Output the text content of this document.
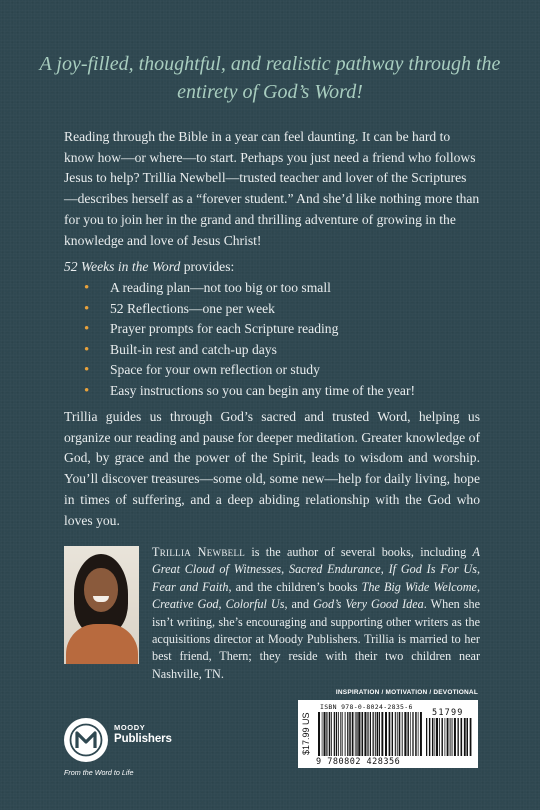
A joy-filled, thoughtful, and realistic pathway through the entirety of God’s Word!

Reading through the Bible in a year can feel daunting. It can be hard to know how—or where—to start. Perhaps you just need a friend who follows Jesus to help? Trillia Newbell—trusted teacher and lover of the Scriptures—describes herself as a “forever student.” And she’d like nothing more than for you to join her in the grand and thrilling adventure of growing in the knowledge and love of Jesus Christ!

52 Weeks in the Word provides:

• A reading plan—not too big or too small
• 52 Reflections—one per week
• Prayer prompts for each Scripture reading
• Built-in rest and catch-up days
• Space for your own reflection or study
• Easy instructions so you can begin any time of the year!

Trillia guides us through God’s sacred and trusted Word, helping us organize our reading and pause for deeper meditation. Greater knowledge of God, by grace and the power of the Spirit, leads to wisdom and worship. You’ll discover treasures—some old, some new—help for daily living, hope in times of suffering, and a deep abiding relationship with the God who loves you.

Trillia Newbell is the author of several books, including A Great Cloud of Witnesses, Sacred Endurance, If God Is For Us, Fear and Faith, and the children’s books The Big Wide Welcome, Creative God, Colorful Us, and God’s Very Good Idea. When she isn’t writing, she’s encouraging and supporting other writers as the acquisitions director at Moody Publishers. Trillia is married to her best friend, Thern; they reside with their two children near Nashville, TN.

INSPIRATION / MOTIVATION / DEVOTIONAL
$17.99 US
ISBN 978-0-8024-2835-6
9 780802 428356
51799
MOODY
Publishers
From the Word to Life
